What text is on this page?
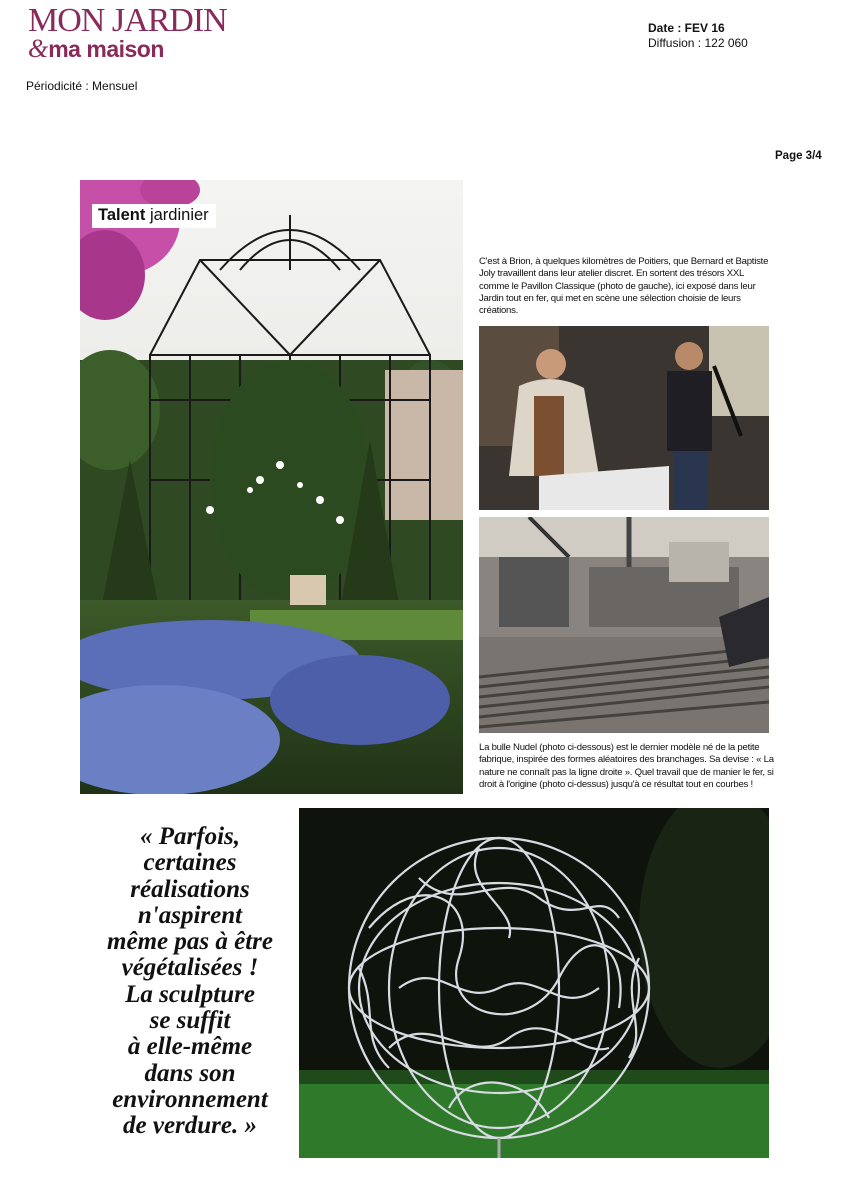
MON JARDIN
&ma maison
Date : FEV 16
Diffusion : 122 060
Périodicité : Mensuel
Page 3/4
Talent jardinier
C'est à Brion, à quelques kilomètres de Poitiers, que Bernard et Baptiste Joly travaillent dans leur atelier discret. En sortent des trésors XXL comme le Pavillon Classique (photo de gauche), ici exposé dans leur Jardin tout en fer, qui met en scène une sélection choisie de leurs créations.
La bulle Nudel (photo ci-dessous) est le dernier modèle né de la petite fabrique, inspirée des formes aléatoires des branchages. Sa devise : « La nature ne connaît pas la ligne droite ». Quel travail que de manier le fer, si droit à l'origine (photo ci-dessus) jusqu'à ce résultat tout en courbes !
« Parfois,
certaines
réalisations
n'aspirent
même pas à être
végétalisées !
La sculpture
se suffit
à elle-même
dans son
environnement
de verdure. »
